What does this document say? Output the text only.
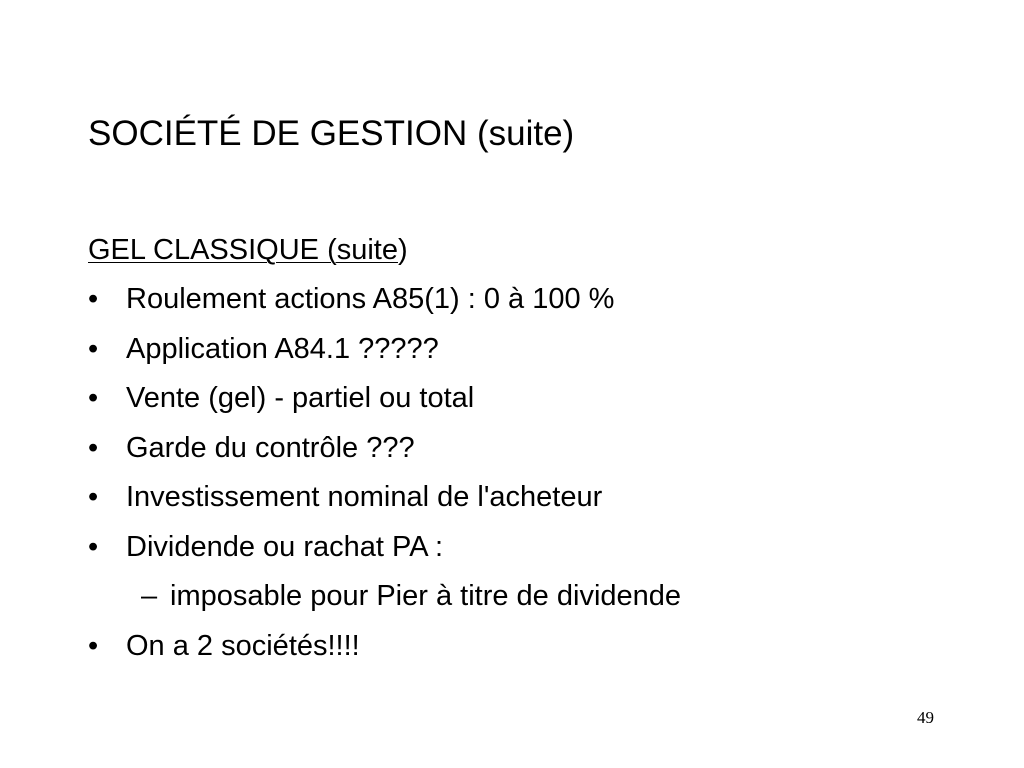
SOCIÉTÉ DE GESTION (suite)
GEL CLASSIQUE (suite)
• Roulement actions A85(1) : 0 à 100 %
• Application A84.1 ?????
• Vente (gel) - partiel ou total
• Garde du contrôle ???
• Investissement nominal de l'acheteur
• Dividende ou rachat PA :
– imposable pour Pier à titre de dividende
• On a 2 sociétés!!!!
49
